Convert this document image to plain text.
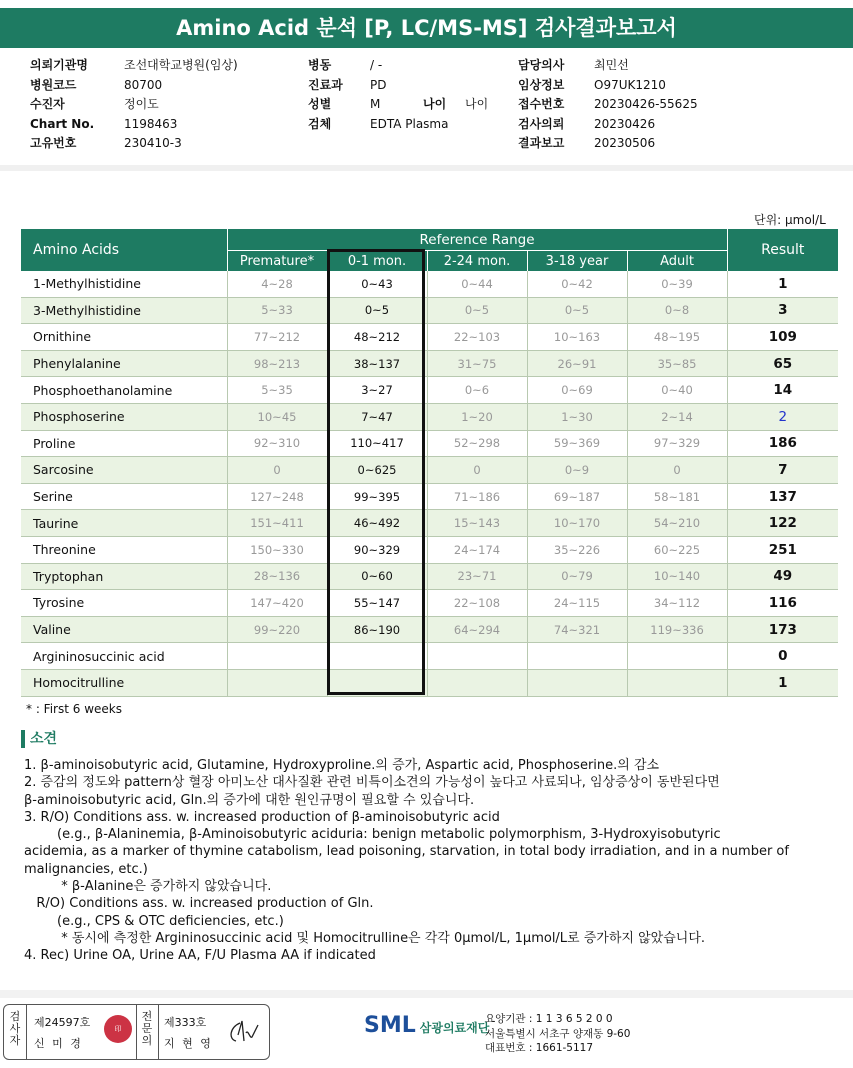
Amino Acid 분석 [P, LC/MS-MS] 검사결과보고서
의뢰기관명	조선대학교병원(임상)
병원코드	80700
수진자	정이도
Chart No.	1198463
고유번호	230410-3
병동	/ -
진료과	PD
성별	M	나이	나이
검체	EDTA Plasma
담당의사	최민선
임상정보	O97UK1210
접수번호	20230426-55625
검사의뢰	20230426
결과보고	20230506
단위: μmol/L
Amino Acids	Reference Range					Result
	Premature*	0-1 mon.	2-24 mon.	3-18 year	Adult	
1-Methylhistidine	4~28	0~43	0~44	0~42	0~39	1
3-Methylhistidine	5~33	0~5	0~5	0~5	0~8	3
Ornithine	77~212	48~212	22~103	10~163	48~195	109
Phenylalanine	98~213	38~137	31~75	26~91	35~85	65
Phosphoethanolamine	5~35	3~27	0~6	0~69	0~40	14
Phosphoserine	10~45	7~47	1~20	1~30	2~14	2
Proline	92~310	110~417	52~298	59~369	97~329	186
Sarcosine	0	0~625	0	0~9	0	7
Serine	127~248	99~395	71~186	69~187	58~181	137
Taurine	151~411	46~492	15~143	10~170	54~210	122
Threonine	150~330	90~329	24~174	35~226	60~225	251
Tryptophan	28~136	0~60	23~71	0~79	10~140	49
Tyrosine	147~420	55~147	22~108	24~115	34~112	116
Valine	99~220	86~190	64~294	74~321	119~336	173
Argininosuccinic acid						0
Homocitrulline						1
* : First 6 weeks
소견
1. β-aminoisobutyric acid, Glutamine, Hydroxyproline.의 증가, Aspartic acid, Phosphoserine.의 감소
2. 증감의 정도와 pattern상 혈장 아미노산 대사질환 관련 비특이소견의 가능성이 높다고 사료되나, 임상증상이 동반된다면
β-aminoisobutyric acid, Gln.의 증가에 대한 원인규명이 필요할 수 있습니다.
3. R/O) Conditions ass. w. increased production of β-aminoisobutyric acid
(e.g., β-Alaninemia, β-Aminoisobutyric aciduria: benign metabolic polymorphism, 3-Hydroxyisobutyric
acidemia, as a marker of thymine catabolism, lead poisoning, starvation, in total body irradiation, and in a number of
malignancies, etc.)
* β-Alanine은 증가하지 않았습니다.
R/O) Conditions ass. w. increased production of Gln.
(e.g., CPS & OTC deficiencies, etc.)
* 동시에 측정한 Argininosuccinic acid 및 Homocitrulline은 각각 0μmol/L, 1μmol/L로 증가하지 않았습니다.
4. Rec) Urine OA, Urine AA, F/U Plasma AA if indicated
검사자
제24597호
신 미 경
印
전문의
제333호
지 현 영
SML 삼광의료재단
요양기관 : 1 1 3 6 5 2 0 0
서울특별시 서초구 양재동 9-60
대표번호 : 1661-5117
